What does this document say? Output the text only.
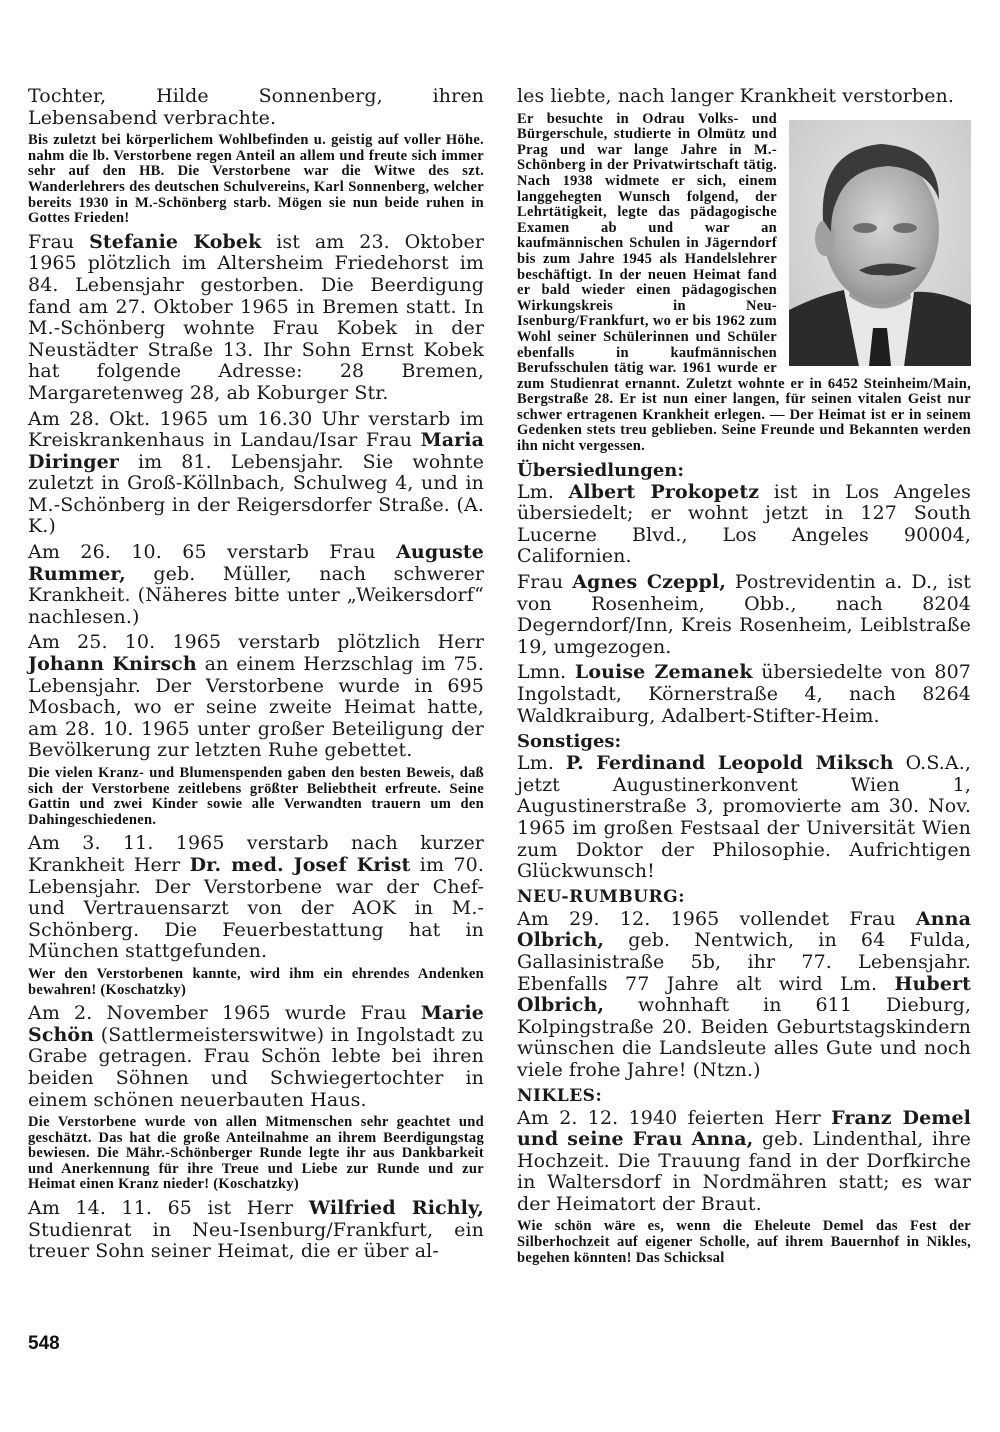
Tochter, Hilde Sonnenberg, ihren Lebensabend verbrachte.

Bis zuletzt bei körperlichem Wohlbefinden u. geistig auf voller Höhe. nahm die lb. Verstorbene regen Anteil an allem und freute sich immer sehr auf den HB. Die Verstorbene war die Witwe des szt. Wanderlehrers des deutschen Schulvereins, Karl Sonnenberg, welcher bereits 1930 in M.-Schönberg starb. Mögen sie nun beide ruhen in Gottes Frieden!

Frau Stefanie Kobek ist am 23. Oktober 1965 plötzlich im Altersheim Friedehorst im 84. Lebensjahr gestorben. Die Beerdigung fand am 27. Oktober 1965 in Bremen statt. In M.-Schönberg wohnte Frau Kobek in der Neustädter Straße 13. Ihr Sohn Ernst Kobek hat folgende Adresse: 28 Bremen, Margaretenweg 28, ab Koburger Str.

Am 28. Okt. 1965 um 16.30 Uhr verstarb im Kreiskrankenhaus in Landau/Isar Frau Maria Diringer im 81. Lebensjahr. Sie wohnte zuletzt in Groß-Köllnbach, Schulweg 4, und in M.-Schönberg in der Reigersdorfer Straße. (A. K.)

Am 26. 10. 65 verstarb Frau Auguste Rummer, geb. Müller, nach schwerer Krankheit. (Näheres bitte unter „Weikersdorf“ nachlesen.)

Am 25. 10. 1965 verstarb plötzlich Herr Johann Knirsch an einem Herzschlag im 75. Lebensjahr. Der Verstorbene wurde in 695 Mosbach, wo er seine zweite Heimat hatte, am 28. 10. 1965 unter großer Beteiligung der Bevölkerung zur letzten Ruhe gebettet.

Die vielen Kranz- und Blumenspenden gaben den besten Beweis, daß sich der Verstorbene zeitlebens größter Beliebtheit erfreute. Seine Gattin und zwei Kinder sowie alle Verwandten trauern um den Dahingeschiedenen.

Am 3. 11. 1965 verstarb nach kurzer Krankheit Herr Dr. med. Josef Krist im 70. Lebensjahr. Der Verstorbene war der Chef- und Vertrauensarzt von der AOK in M.-Schönberg. Die Feuerbestattung hat in München stattgefunden.

Wer den Verstorbenen kannte, wird ihm ein ehrendes Andenken bewahren! (Koschatzky)

Am 2. November 1965 wurde Frau Marie Schön (Sattlermeisterswitwe) in Ingolstadt zu Grabe getragen. Frau Schön lebte bei ihren beiden Söhnen und Schwiegertochter in einem schönen neuerbauten Haus.

Die Verstorbene wurde von allen Mitmenschen sehr geachtet und geschätzt. Das hat die große Anteilnahme an ihrem Beerdigungstag bewiesen. Die Mähr.-Schönberger Runde legte ihr aus Dankbarkeit und Anerkennung für ihre Treue und Liebe zur Runde und zur Heimat einen Kranz nieder! (Koschatzky)

Am 14. 11. 65 ist Herr Wilfried Richly, Studienrat in Neu-Isenburg/Frankfurt, ein treuer Sohn seiner Heimat, die er über al-

les liebte, nach langer Krankheit verstorben.

Er besuchte in Odrau Volks- und Bürgerschule, studierte in Olmütz und Prag und war lange Jahre in M.-Schönberg in der Privatwirtschaft tätig. Nach 1938 widmete er sich, einem langgehegten Wunsch folgend, der Lehrtätigkeit, legte das pädagogische Examen ab und war an kaufmännischen Schulen in Jägerndorf bis zum Jahre 1945 als Handelslehrer beschäftigt. In der neuen Heimat fand er bald wieder einen pädagogischen Wirkungskreis in Neu-Isenburg/Frankfurt, wo er bis 1962 zum Wohl seiner Schülerinnen und Schüler ebenfalls in kaufmännischen Berufsschulen tätig war. 1961 wurde er zum Studienrat ernannt. Zuletzt wohnte er in 6452 Steinheim/Main, Bergstraße 28. Er ist nun einer langen, für seinen vitalen Geist nur schwer ertragenen Krankheit erlegen. — Der Heimat ist er in seinem Gedenken stets treu geblieben. Seine Freunde und Bekannten werden ihn nicht vergessen.

Übersiedlungen:

Lm. Albert Prokopetz ist in Los Angeles übersiedelt; er wohnt jetzt in 127 South Lucerne Blvd., Los Angeles 90004, Californien.

Frau Agnes Czeppl, Postrevidentin a. D., ist von Rosenheim, Obb., nach 8204 Degerndorf/Inn, Kreis Rosenheim, Leiblstraße 19, umgezogen.

Lmn. Louise Zemanek übersiedelte von 807 Ingolstadt, Körnerstraße 4, nach 8264 Waldkraiburg, Adalbert-Stifter-Heim.

Sonstiges:

Lm. P. Ferdinand Leopold Miksch O.S.A., jetzt Augustinerkonvent Wien 1, Augustinerstraße 3, promovierte am 30. Nov. 1965 im großen Festsaal der Universität Wien zum Doktor der Philosophie. Aufrichtigen Glückwunsch!

NEU-RUMBURG:

Am 29. 12. 1965 vollendet Frau Anna Olbrich, geb. Nentwich, in 64 Fulda, Gallasinistraße 5b, ihr 77. Lebensjahr. Ebenfalls 77 Jahre alt wird Lm. Hubert Olbrich, wohnhaft in 611 Dieburg, Kolpingstraße 20. Beiden Geburtstagskindern wünschen die Landsleute alles Gute und noch viele frohe Jahre! (Ntzn.)

NIKLES:

Am 2. 12. 1940 feierten Herr Franz Demel und seine Frau Anna, geb. Lindenthal, ihre Hochzeit. Die Trauung fand in der Dorfkirche in Waltersdorf in Nordmähren statt; es war der Heimatort der Braut.

Wie schön wäre es, wenn die Eheleute Demel das Fest der Silberhochzeit auf eigener Scholle, auf ihrem Bauernhof in Nikles, begehen könnten! Das Schicksal

548
